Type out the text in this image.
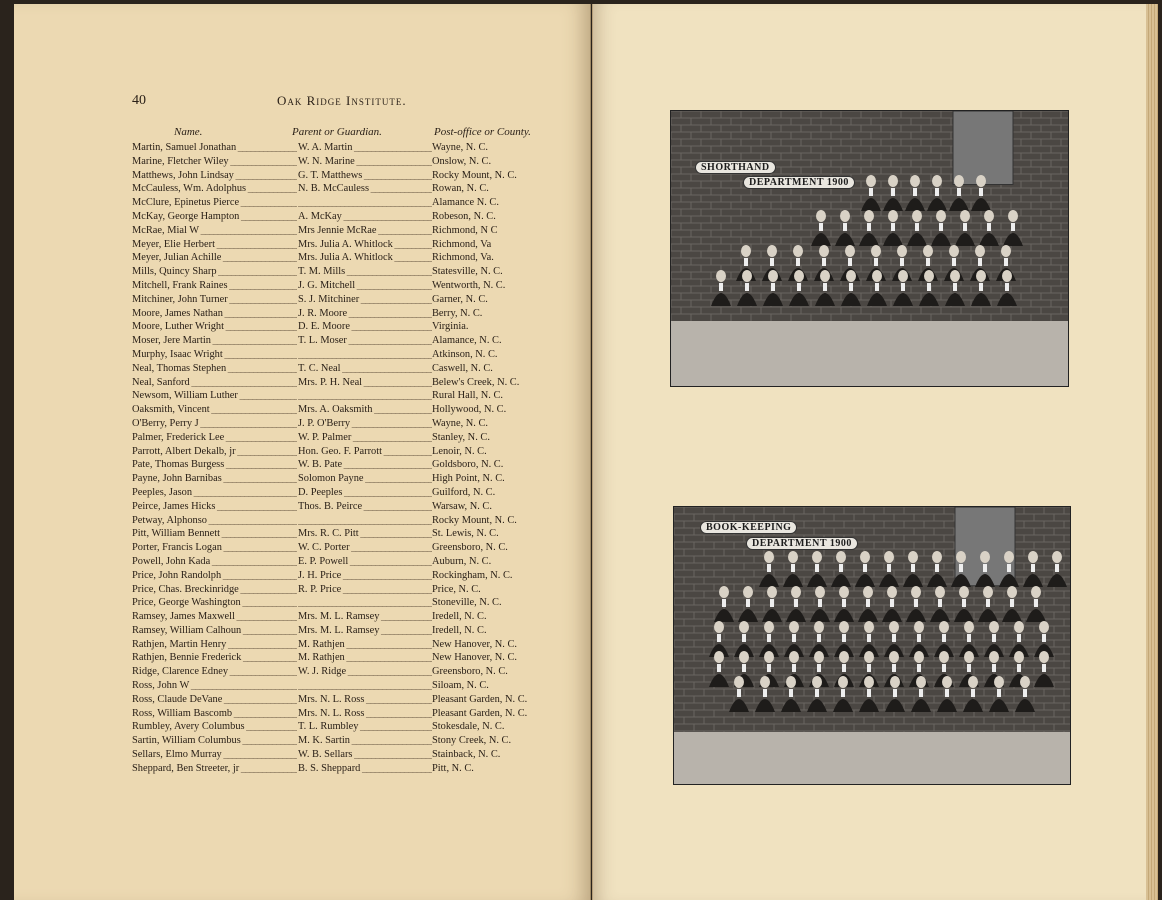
40	Oak Ridge Institute.
Name.	Parent or Guardian.	Post-office or County.
Martin, Samuel Jonathan _____	W. A. Martin _____	Wayne, N. C.
Marine, Fletcher Wiley _____	W. N. Marine _____	Onslow, N. C.
Matthews, John Lindsay _____	G. T. Matthews _____	Rocky Mount, N. C.
McCauless, Wm. Adolphus _____	N. B. McCauless _____	Rowan, N. C.
McClure, Epinetus Pierce _____ _____	Alamance N. C.
McKay, George Hampton _____	A. McKay _____	Robeson, N. C.
McRae, Mial W _____	Mrs Jennie McRae _____	Richmond, N C
Meyer, Elie Herbert _____	Mrs. Julia A. Whitlock _____	Richmond, Va
Meyer, Julian Achille _____	Mrs. Julia A. Whitlock _____	Richmond, Va.
Mills, Quincy Sharp _____	T. M. Mills _____	Statesville, N. C.
Mitchell, Frank Raines _____	J. G. Mitchell _____	Wentworth, N. C.
Mitchiner, John Turner _____	S. J. Mitchiner _____	Garner, N. C.
Moore, James Nathan _____	J. R. Moore _____	Berry, N. C.
Moore, Luther Wright _____	D. E. Moore _____	Virginia.
Moser, Jere Martin _____	T. L. Moser _____	Alamance, N. C.
Murphy, Isaac Wright _____ _____	Atkinson, N. C.
Neal, Thomas Stephen _____	T. C. Neal _____	Caswell, N. C.
Neal, Sanford _____	Mrs. P. H. Neal _____	Belew's Creek, N. C.
Newsom, William Luther _____ _____	Rural Hall, N. C.
Oaksmith, Vincent _____	Mrs. A. Oaksmith _____	Hollywood, N. C.
O'Berry, Perry J _____	J. P. O'Berry _____	Wayne, N. C.
Palmer, Frederick Lee _____	W. P. Palmer _____	Stanley, N. C.
Parrott, Albert Dekalb, jr _____	Hon. Geo. F. Parrott _____	Lenoir, N. C.
Pate, Thomas Burgess _____	W. B. Pate _____	Goldsboro, N. C.
Payne, John Barnibas _____	Solomon Payne _____	High Point, N. C.
Peeples, Jason _____	D. Peeples _____	Guilford, N. C.
Peirce, James Hicks _____	Thos. B. Peirce _____	Warsaw, N. C.
Petway, Alphonso _____ _____	Rocky Mount, N. C.
Pitt, William Bennett _____	Mrs. R. C. Pitt _____	St. Lewis, N. C.
Porter, Francis Logan _____	W. C. Porter _____	Greensboro, N. C.
Powell, John Kada _____	E. P. Powell _____	Auburn, N. C.
Price, John Randolph _____	J. H. Price _____	Rockingham, N. C.
Price, Chas. Breckinridge _____	R. P. Price _____	Price, N. C.
Price, George Washington _____ _____	Stoneville, N. C.
Ramsey, James Maxwell _____	Mrs. M. L. Ramsey _____	Iredell, N. C.
Ramsey, William Calhoun _____	Mrs. M. L. Ramsey _____	Iredell, N. C.
Rathjen, Martin Henry _____	M. Rathjen _____	New Hanover, N. C.
Rathjen, Bennie Frederick _____	M. Rathjen _____	New Hanover, N. C.
Ridge, Clarence Edney _____	W. J. Ridge _____	Greensboro, N. C.
Ross, John W _____ _____	Siloam, N. C.
Ross, Claude DeVane _____	Mrs. N. L. Ross _____	Pleasant Garden, N. C.
Ross, William Bascomb _____	Mrs. N. L. Ross _____	Pleasant Garden, N. C.
Rumbley, Avery Columbus _____	T. L. Rumbley _____	Stokesdale, N. C.
Sartin, William Columbus _____	M. K. Sartin _____	Stony Creek, N. C.
Sellars, Elmo Murray _____	W. B. Sellars _____	Stainback, N. C.
Sheppard, Ben Streeter, jr _____	B. S. Sheppard _____	Pitt, N. C.
SHORTHAND
DEPARTMENT 1900
BOOK-KEEPING
DEPARTMENT 1900
